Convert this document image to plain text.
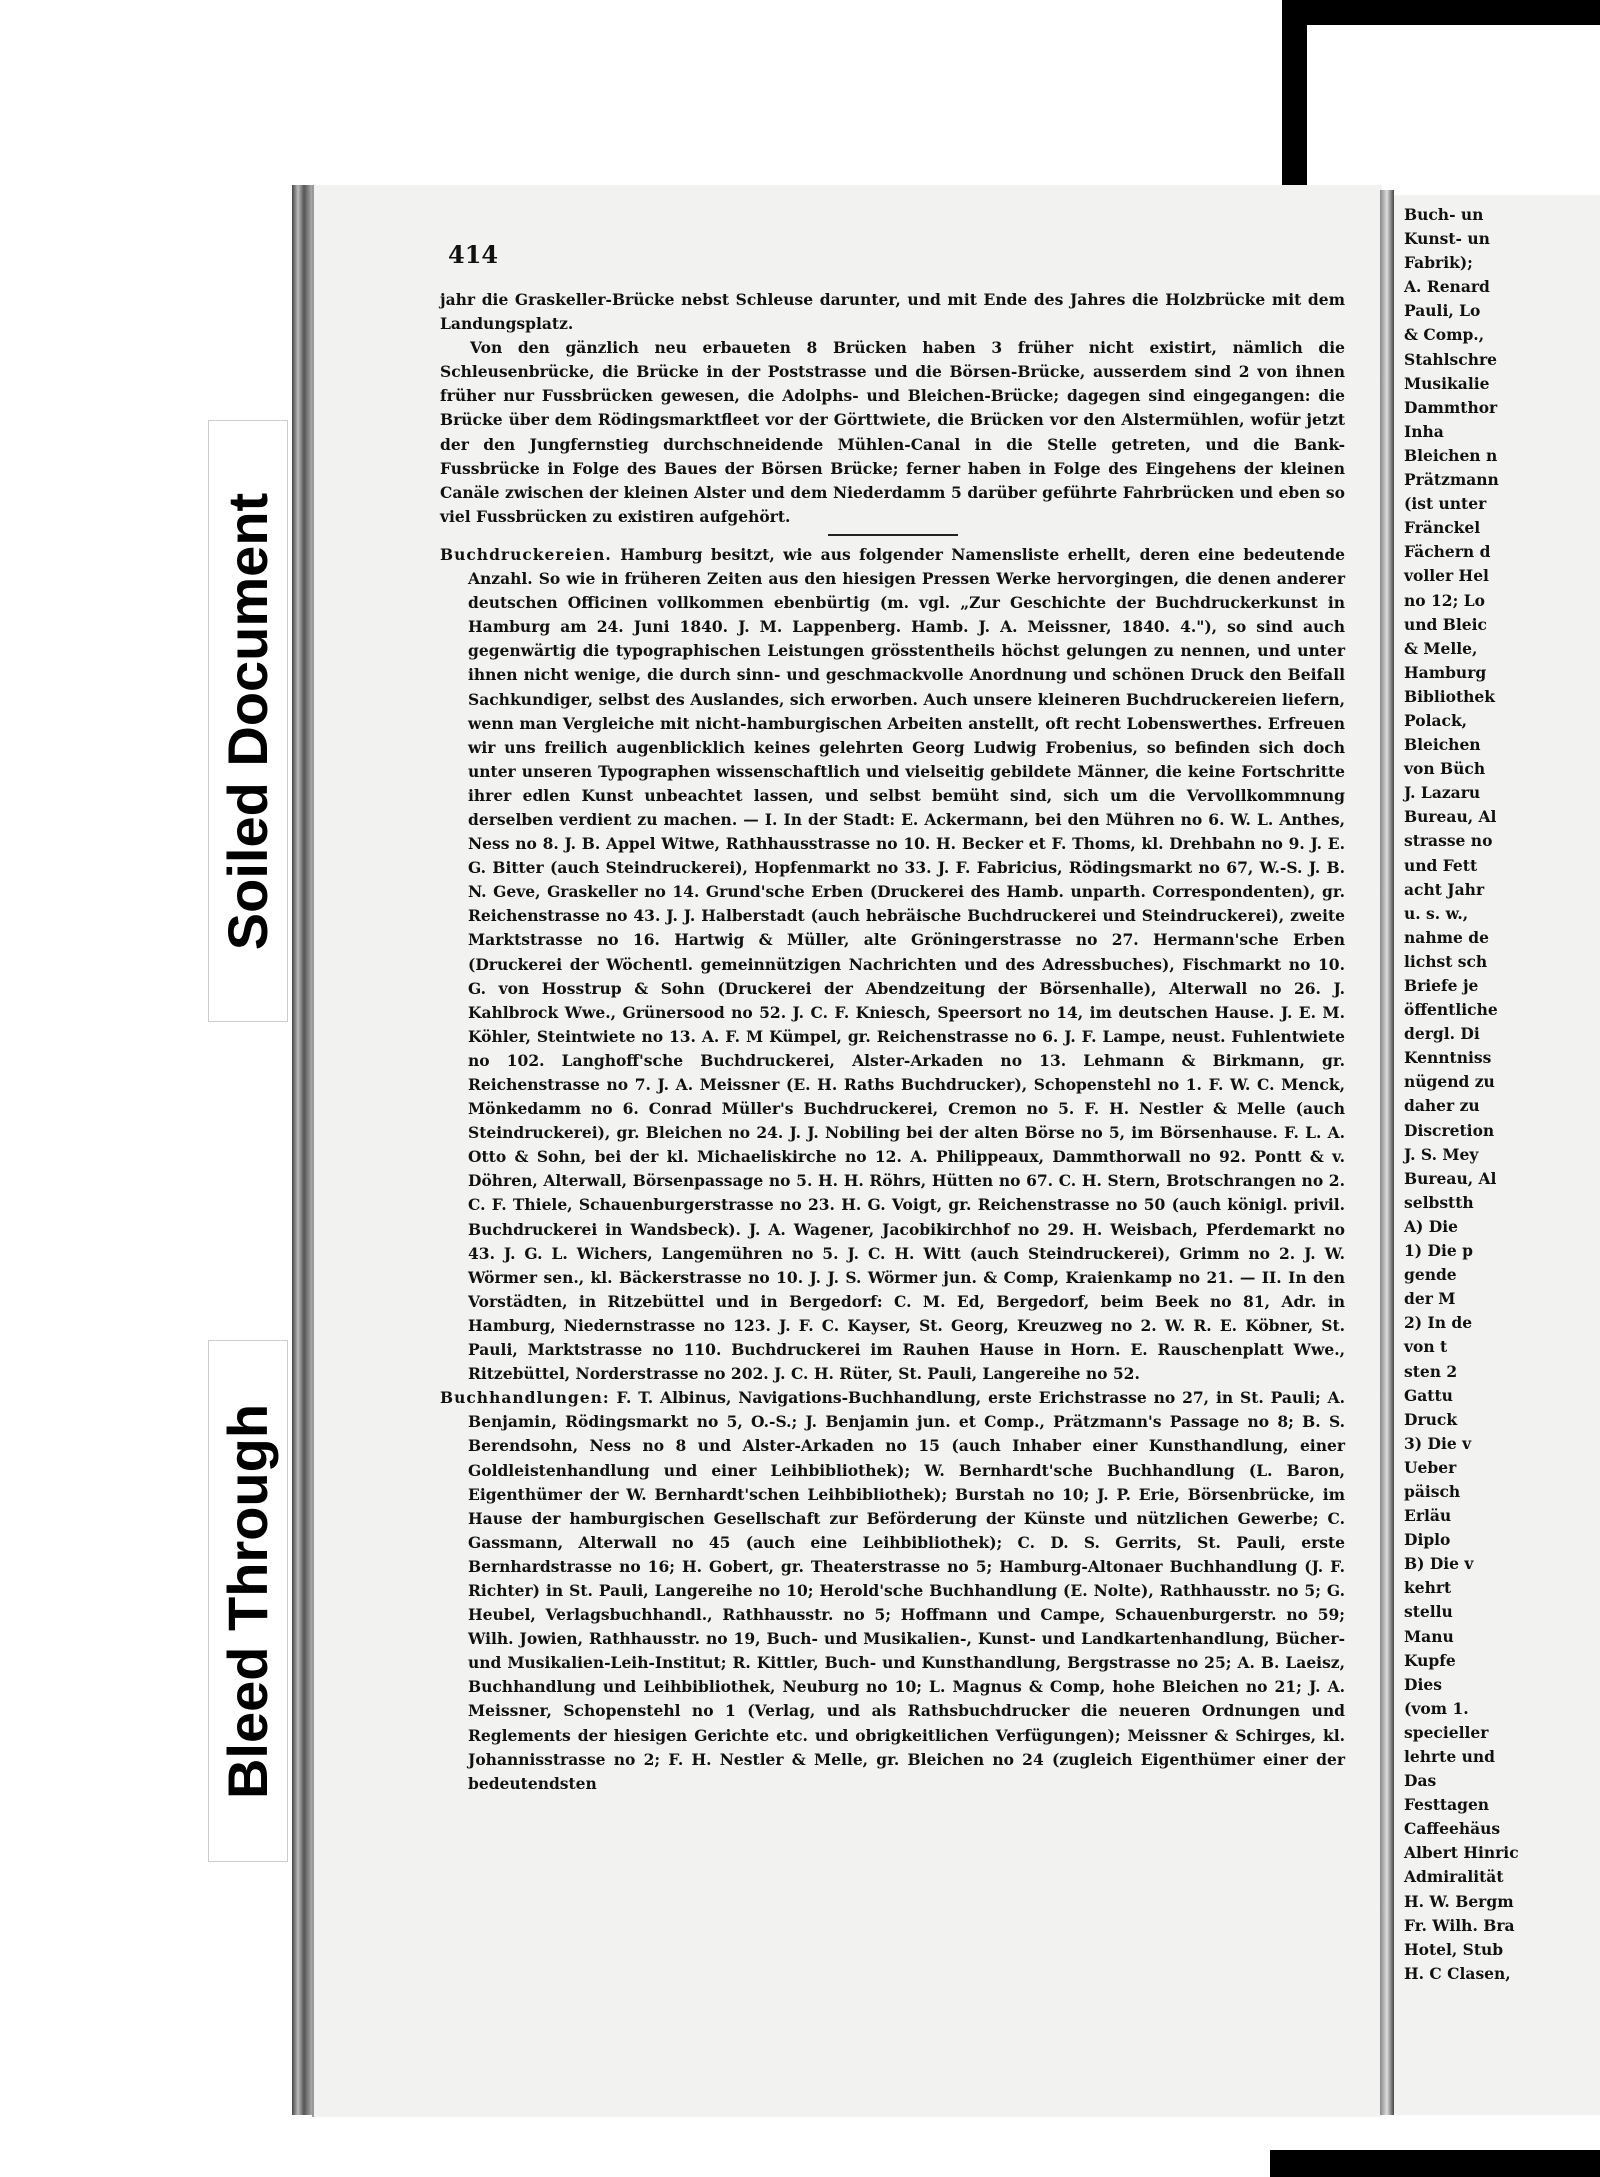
Soiled Document
Bleed Through
414

jahr die Graskeller-Brücke nebst Schleuse darunter, und mit Ende des Jahres die Holzbrücke mit dem Landungsplatz.

Von den gänzlich neu erbaueten 8 Brücken haben 3 früher nicht existirt, nämlich die Schleusenbrücke, die Brücke in der Poststrasse und die Börsen-Brücke, ausserdem sind 2 von ihnen früher nur Fussbrücken gewesen, die Adolphs- und Bleichen-Brücke; dagegen sind eingegangen: die Brücke über dem Rödingsmarktfleet vor der Görttwiete, die Brücken vor den Alstermühlen, wofür jetzt der den Jungfernstieg durchschneidende Mühlen-Canal in die Stelle getreten, und die Bank-Fussbrücke in Folge des Baues der Börsen Brücke; ferner haben in Folge des Eingehens der kleinen Canäle zwischen der kleinen Alster und dem Niederdamm 5 darüber geführte Fahrbrücken und eben so viel Fussbrücken zu existiren aufgehört.

Buchdruckereien. Hamburg besitzt, wie aus folgender Namensliste erhellt, deren eine bedeutende Anzahl. So wie in früheren Zeiten aus den hiesigen Pressen Werke hervorgingen, die denen anderer deutschen Officinen vollkommen ebenbürtig (m. vgl. „Zur Geschichte der Buchdruckerkunst in Hamburg am 24. Juni 1840. J. M. Lappenberg. Hamb. J. A. Meissner, 1840. 4."), so sind auch gegenwärtig die typographischen Leistungen grösstentheils höchst gelungen zu nennen, und unter ihnen nicht wenige, die durch sinn- und geschmackvolle Anordnung und schönen Druck den Beifall Sachkundiger, selbst des Auslandes, sich erworben. Auch unsere kleineren Buchdruckereien liefern, wenn man Vergleiche mit nicht-hamburgischen Arbeiten anstellt, oft recht Lobenswerthes. Erfreuen wir uns freilich augenblicklich keines gelehrten Georg Ludwig Frobenius, so befinden sich doch unter unseren Typographen wissenschaftlich und vielseitig gebildete Männer, die keine Fortschritte ihrer edlen Kunst unbeachtet lassen, und selbst bemüht sind, sich um die Vervollkommnung derselben verdient zu machen. — I. In der Stadt: E. Ackermann, bei den Mühren no 6. W. L. Anthes, Ness no 8. J. B. Appel Witwe, Rathhausstrasse no 10. H. Becker et F. Thoms, kl. Drehbahn no 9. J. E. G. Bitter (auch Steindruckerei), Hopfenmarkt no 33. J. F. Fabricius, Rödingsmarkt no 67, W.-S. J. B. N. Geve, Graskeller no 14. Grund'sche Erben (Druckerei des Hamb. unparth. Correspondenten), gr. Reichenstrasse no 43. J. J. Halberstadt (auch hebräische Buchdruckerei und Steindruckerei), zweite Marktstrasse no 16. Hartwig & Müller, alte Gröningerstrasse no 27. Hermann'sche Erben (Druckerei der Wöchentl. gemeinnützigen Nachrichten und des Adressbuches), Fischmarkt no 10. G. von Hosstrup & Sohn (Druckerei der Abendzeitung der Börsenhalle), Alterwall no 26. J. Kahlbrock Wwe., Grünersood no 52. J. C. F. Kniesch, Speersort no 14, im deutschen Hause. J. E. M. Köhler, Steintwiete no 13. A. F. M Kümpel, gr. Reichenstrasse no 6. J. F. Lampe, neust. Fuhlentwiete no 102. Langhoff'sche Buchdruckerei, Alster-Arkaden no 13. Lehmann & Birkmann, gr. Reichenstrasse no 7. J. A. Meissner (E. H. Raths Buchdrucker), Schopenstehl no 1. F. W. C. Menck, Mönkedamm no 6. Conrad Müller's Buchdruckerei, Cremon no 5. F. H. Nestler & Melle (auch Steindruckerei), gr. Bleichen no 24. J. J. Nobiling bei der alten Börse no 5, im Börsenhause. F. L. A. Otto & Sohn, bei der kl. Michaeliskirche no 12. A. Philippeaux, Dammthorwall no 92. Pontt & v. Döhren, Alterwall, Börsenpassage no 5. H. H. Röhrs, Hütten no 67. C. H. Stern, Brotschrangen no 2. C. F. Thiele, Schauenburgerstrasse no 23. H. G. Voigt, gr. Reichenstrasse no 50 (auch königl. privil. Buchdruckerei in Wandsbeck). J. A. Wagener, Jacobikirchhof no 29. H. Weisbach, Pferdemarkt no 43. J. G. L. Wichers, Langemühren no 5. J. C. H. Witt (auch Steindruckerei), Grimm no 2. J. W. Wörmer sen., kl. Bäckerstrasse no 10. J. J. S. Wörmer jun. & Comp, Kraienkamp no 21. — II. In den Vorstädten, in Ritzebüttel und in Bergedorf: C. M. Ed, Bergedorf, beim Beek no 81, Adr. in Hamburg, Niedernstrasse no 123. J. F. C. Kayser, St. Georg, Kreuzweg no 2. W. R. E. Köbner, St. Pauli, Marktstrasse no 110. Buchdruckerei im Rauhen Hause in Horn. E. Rauschenplatt Wwe., Ritzebüttel, Norderstrasse no 202. J. C. H. Rüter, St. Pauli, Langereihe no 52.

Buchhandlungen: F. T. Albinus, Navigations-Buchhandlung, erste Erichstrasse no 27, in St. Pauli; A. Benjamin, Rödingsmarkt no 5, O.-S.; J. Benjamin jun. et Comp., Prätzmann's Passage no 8; B. S. Berendsohn, Ness no 8 und Alster-Arkaden no 15 (auch Inhaber einer Kunsthandlung, einer Goldleistenhandlung und einer Leihbibliothek); W. Bernhardt'sche Buchhandlung (L. Baron, Eigenthümer der W. Bernhardt'schen Leihbibliothek); Burstah no 10; J. P. Erie, Börsenbrücke, im Hause der hamburgischen Gesellschaft zur Beförderung der Künste und nützlichen Gewerbe; C. Gassmann, Alterwall no 45 (auch eine Leihbibliothek); C. D. S. Gerrits, St. Pauli, erste Bernhardstrasse no 16; H. Gobert, gr. Theaterstrasse no 5; Hamburg-Altonaer Buchhandlung (J. F. Richter) in St. Pauli, Langereihe no 10; Herold'sche Buchhandlung (E. Nolte), Rathhausstr. no 5; G. Heubel, Verlagsbuchhandl., Rathhausstr. no 5; Hoffmann und Campe, Schauenburgerstr. no 59; Wilh. Jowien, Rathhausstr. no 19, Buch- und Musikalien-, Kunst- und Landkartenhandlung, Bücher- und Musikalien-Leih-Institut; R. Kittler, Buch- und Kunsthandlung, Bergstrasse no 25; A. B. Laeisz, Buchhandlung und Leihbibliothek, Neuburg no 10; L. Magnus & Comp, hohe Bleichen no 21; J. A. Meissner, Schopenstehl no 1 (Verlag, und als Rathsbuchdrucker die neueren Ordnungen und Reglements der hiesigen Gerichte etc. und obrigkeitlichen Verfügungen); Meissner & Schirges, kl. Johannisstrasse no 2; F. H. Nestler & Melle, gr. Bleichen no 24 (zugleich Eigenthümer einer der bedeutendsten

Buch- un
Kunst- un
Fabrik);
A. Renard
Pauli, Lo
& Comp.,
Stahlschre
Musikalie
Dammthor
Inha
Bleichen n
Prätzmann
(ist unter
Fränckel
Fächern d
voller Hel
no 12; Lo
und Bleic
& Melle,
Hamburg
Bibliothek
Polack,
Bleichen
von Büch
J. Lazaru
Bureau, Al
strasse no
und Fett
acht Jahr
u. s. w.,
nahme de
lichst sch
Briefe je
öffentliche
dergl. Di
Kenntniss
nügend zu
daher zu
Discretion
J. S. Mey
Bureau, Al
selbstth
A) Die
1) Die p
gende
der M
2) In de
von t
sten 2
Gattu
Druck
3) Die v
Ueber
päisch
Erläu
Diplo
B) Die v
kehrt
stellu
Manu
Kupfe
Dies
(vom 1.
specieller
lehrte und
Das
Festtagen
Caffeehäus
Albert Hinric
Admiralität
H. W. Bergm
Fr. Wilh. Bra
Hotel, Stub
H. C Clasen,
